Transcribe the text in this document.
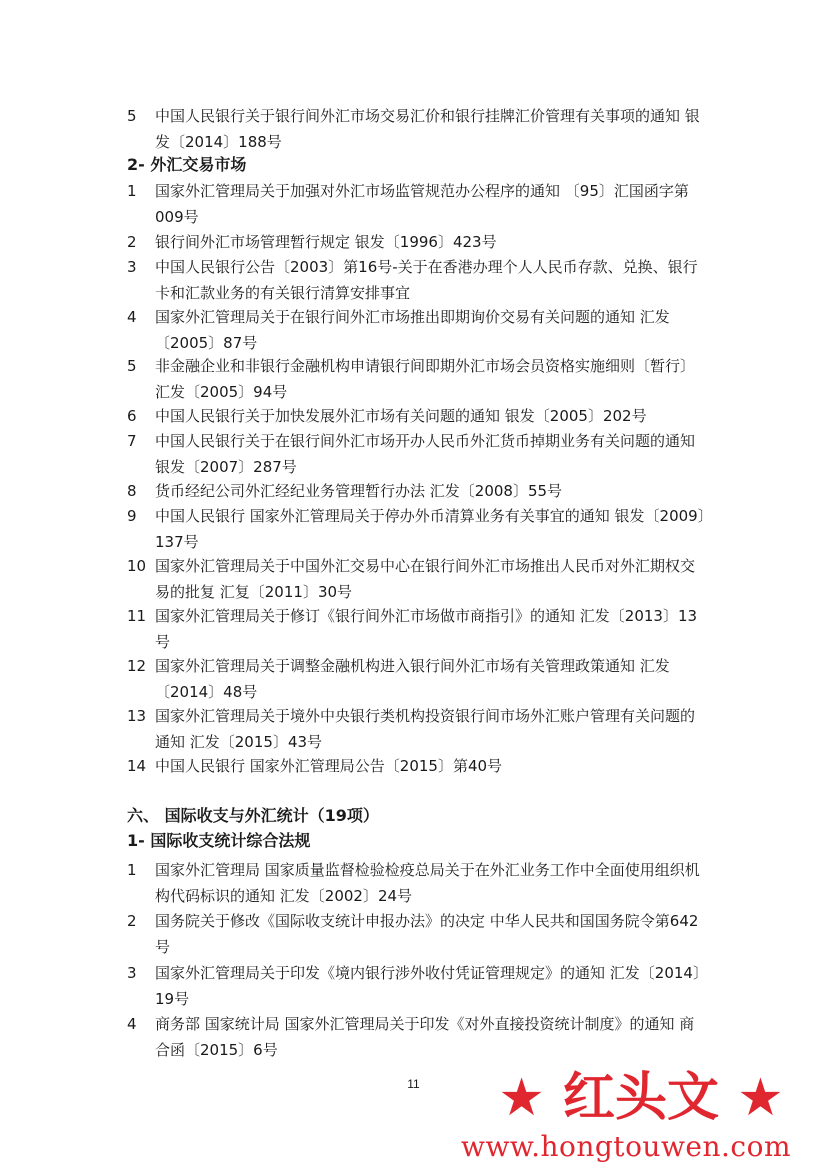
5	中国人民银行关于银行间外汇市场交易汇价和银行挂牌汇价管理有关事项的通知 银发〔2014〕188号
2- 外汇交易市场
1	国家外汇管理局关于加强对外汇市场监管规范办公程序的通知 〔95〕汇国函字第009号
2	银行间外汇市场管理暂行规定 银发〔1996〕423号
3	中国人民银行公告〔2003〕第16号-关于在香港办理个人人民币存款、兑换、银行卡和汇款业务的有关银行清算安排事宜
4	国家外汇管理局关于在银行间外汇市场推出即期询价交易有关问题的通知 汇发〔2005〕87号
5	非金融企业和非银行金融机构申请银行间即期外汇市场会员资格实施细则〔暂行〕 汇发〔2005〕94号
6	中国人民银行关于加快发展外汇市场有关问题的通知 银发〔2005〕202号
7	中国人民银行关于在银行间外汇市场开办人民币外汇货币掉期业务有关问题的通知 银发〔2007〕287号
8	货币经纪公司外汇经纪业务管理暂行办法 汇发〔2008〕55号
9	中国人民银行 国家外汇管理局关于停办外币清算业务有关事宜的通知 银发〔2009〕137号
10 国家外汇管理局关于中国外汇交易中心在银行间外汇市场推出人民币对外汇期权交易的批复 汇复〔2011〕30号
11 国家外汇管理局关于修订《银行间外汇市场做市商指引》的通知 汇发〔2013〕13号
12 国家外汇管理局关于调整金融机构进入银行间外汇市场有关管理政策通知 汇发〔2014〕48号
13 国家外汇管理局关于境外中央银行类机构投资银行间市场外汇账户管理有关问题的通知 汇发〔2015〕43号
14 中国人民银行 国家外汇管理局公告〔2015〕第40号
六、 国际收支与外汇统计（19项）
1- 国际收支统计综合法规
1	国家外汇管理局 国家质量监督检验检疫总局关于在外汇业务工作中全面使用组织机构代码标识的通知 汇发〔2002〕24号
2	国务院关于修改《国际收支统计申报办法》的决定 中华人民共和国国务院令第642号
3	国家外汇管理局关于印发《境内银行涉外收付凭证管理规定》的通知 汇发〔2014〕19号
4	商务部 国家统计局 国家外汇管理局关于印发《对外直接投资统计制度》的通知 商合函〔2015〕6号
11	★ 红头文 ★
www.hongtouwen.com
